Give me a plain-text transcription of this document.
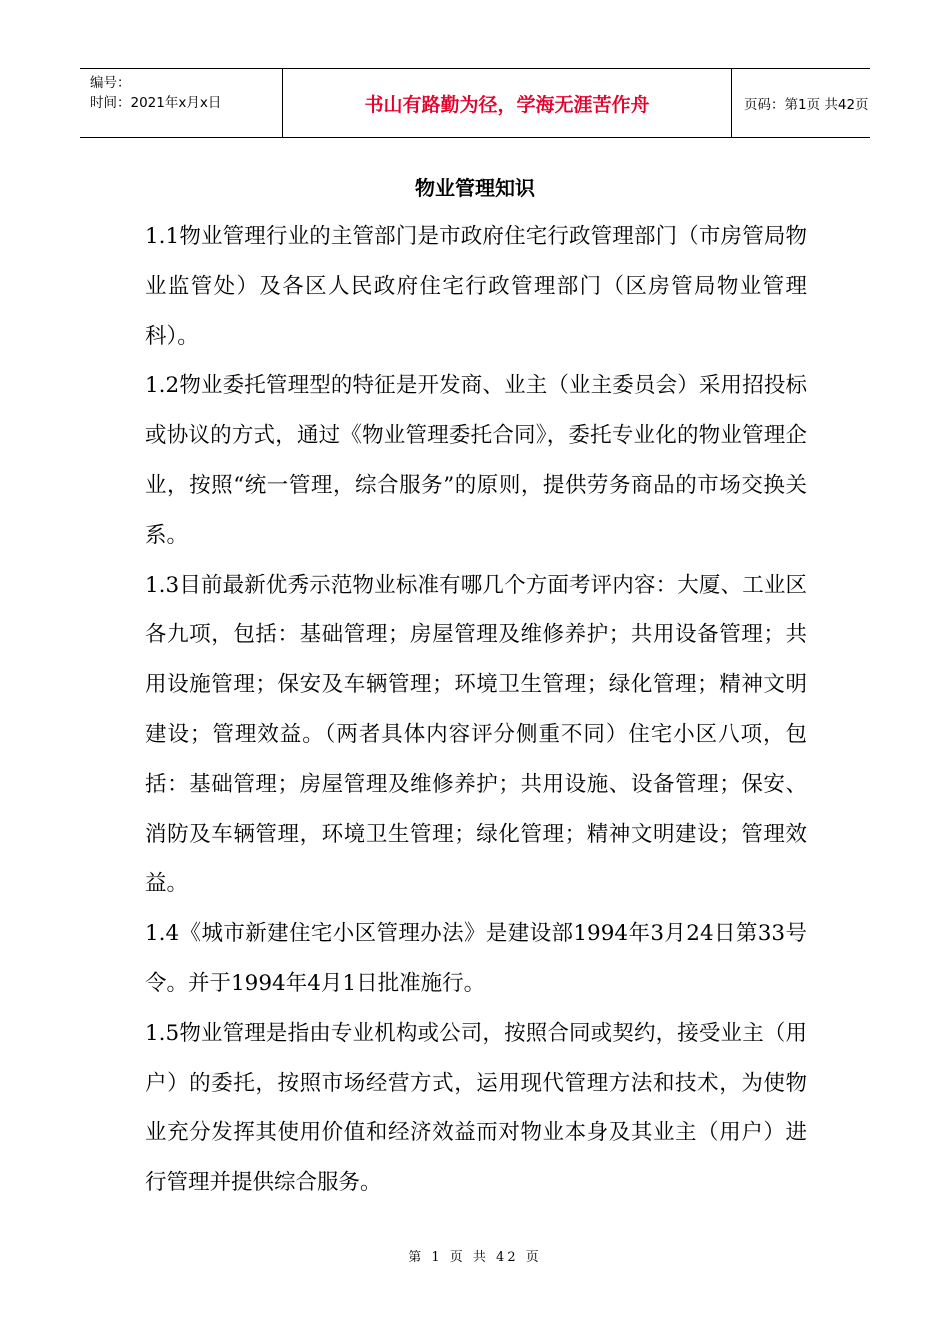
编号：
时间：2021年x月x日	书山有路勤为径，学海无涯苦作舟	页码：第1页 共42页
物业管理知识

1.1物业管理行业的主管部门是市政府住宅行政管理部门（市房管局物业监管处）及各区人民政府住宅行政管理部门（区房管局物业管理科）。

1.2物业委托管理型的特征是开发商、业主（业主委员会）采用招投标或协议的方式，通过《物业管理委托合同》，委托专业化的物业管理企业，按照“统一管理，综合服务”的原则，提供劳务商品的市场交换关系。

1.3目前最新优秀示范物业标准有哪几个方面考评内容：大厦、工业区各九项，包括：基础管理；房屋管理及维修养护；共用设备管理；共用设施管理；保安及车辆管理；环境卫生管理；绿化管理；精神文明建设；管理效益。（两者具体内容评分侧重不同）住宅小区八项，包括：基础管理；房屋管理及维修养护；共用设施、设备管理；保安、消防及车辆管理，环境卫生管理；绿化管理；精神文明建设；管理效益。

1.4《城市新建住宅小区管理办法》是建设部1994年3月24日第33号令。并于1994年4月1日批准施行。

1.5物业管理是指由专业机构或公司，按照合同或契约，接受业主（用户）的委托，按照市场经营方式，运用现代管理方法和技术，为使物业充分发挥其使用价值和经济效益而对物业本身及其业主（用户）进行管理并提供综合服务。

第 1 页 共 42 页
